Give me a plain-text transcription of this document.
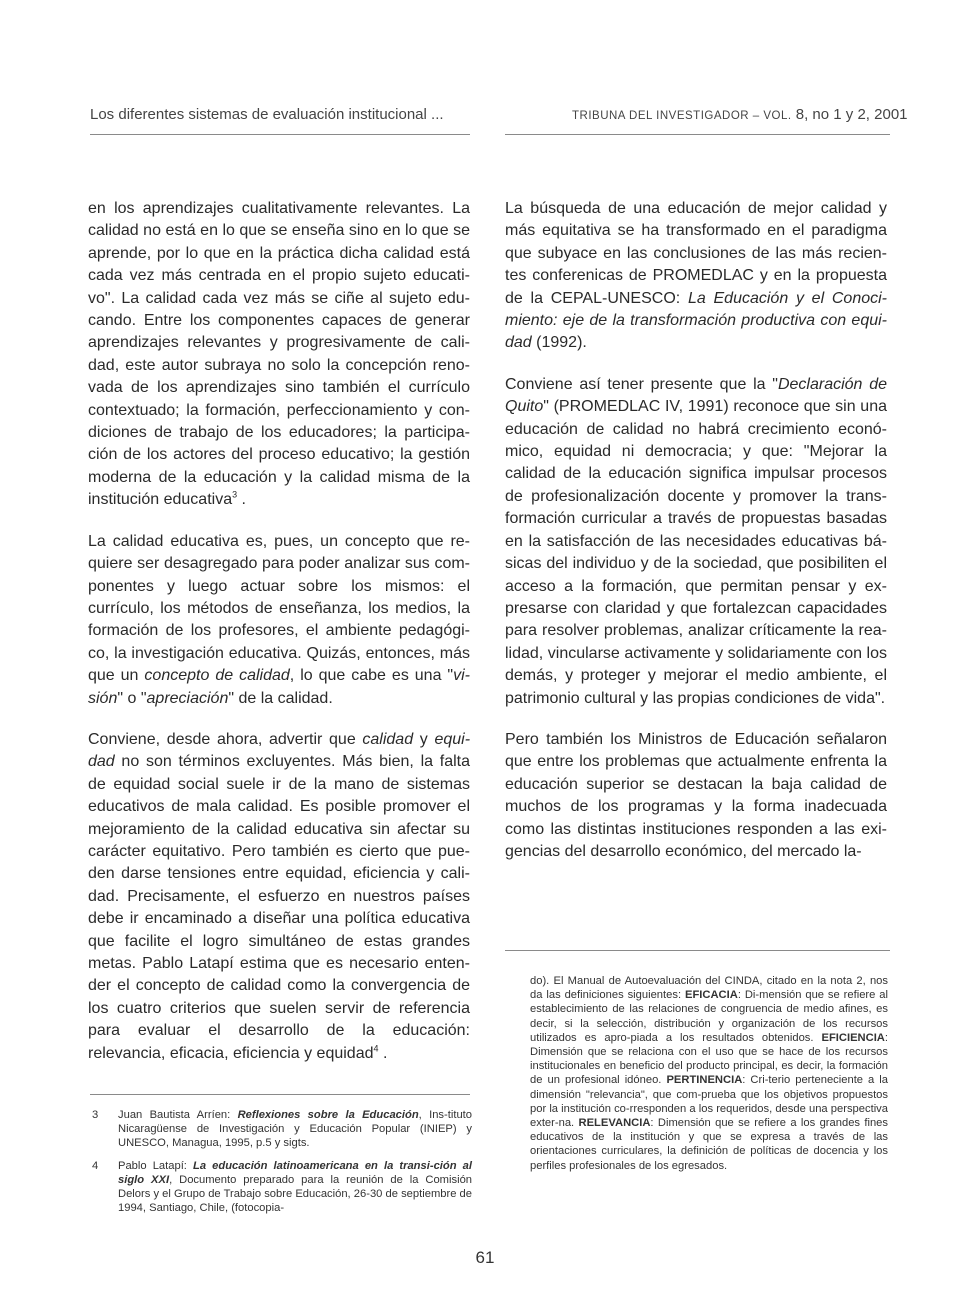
Los diferentes sistemas de evaluación institucional ...	TRIBUNA DEL INVESTIGADOR – VOL. 8, no 1 y 2, 2001

en los aprendizajes cualitativamente relevantes. La calidad no está en lo que se enseña sino en lo que se aprende, por lo que en la práctica dicha calidad está cada vez más centrada en el propio sujeto educati-vo". La calidad cada vez más se ciñe al sujeto edu-cando. Entre los componentes capaces de generar aprendizajes relevantes y progresivamente de cali-dad, este autor subraya no solo la concepción reno-vada de los aprendizajes sino también el currículo contextuado; la formación, perfeccionamiento y con-diciones de trabajo de los educadores; la participa-ción de los actores del proceso educativo; la gestión moderna de la educación y la calidad misma de la institución educativa$^3$ .

La calidad educativa es, pues, un concepto que re-quiere ser desagregado para poder analizar sus com-ponentes y luego actuar sobre los mismos: el currículo, los métodos de enseñanza, los medios, la formación de los profesores, el ambiente pedagógi-co, la investigación educativa. Quizás, entonces, más que un concepto de calidad, lo que cabe es una "vi-sión" o "apreciación" de la calidad.

Conviene, desde ahora, advertir que calidad y equi-dad no son términos excluyentes. Más bien, la falta de equidad social suele ir de la mano de sistemas educativos de mala calidad. Es posible promover el mejoramiento de la calidad educativa sin afectar su carácter equitativo. Pero también es cierto que pue-den darse tensiones entre equidad, eficiencia y cali-dad. Precisamente, el esfuerzo en nuestros países debe ir encaminado a diseñar una política educativa que facilite el logro simultáneo de estas grandes metas. Pablo Latapí estima que es necesario enten-der el concepto de calidad como la convergencia de los cuatro criterios que suelen servir de referencia para evaluar el desarrollo de la educación: relevancia, eficacia, eficiencia y equidad$^4$ .

La búsqueda de una educación de mejor calidad y más equitativa se ha transformado en el paradigma que subyace en las conclusiones de las más recien-tes conferenicas de PROMEDLAC y en la propuesta de la CEPAL-UNESCO: La Educación y el Conoci-miento: eje de la transformación productiva con equi-dad (1992).

Conviene así tener presente que la "Declaración de Quito" (PROMEDLAC IV, 1991) reconoce que sin una educación de calidad no habrá crecimiento econó-mico, equidad ni democracia; y que: "Mejorar la calidad de la educación significa impulsar procesos de profesionalización docente y promover la trans-formación curricular a través de propuestas basadas en la satisfacción de las necesidades educativas bá-sicas del individuo y de la sociedad, que posibiliten el acceso a la formación, que permitan pensar y ex-presarse con claridad y que fortalezcan capacidades para resolver problemas, analizar críticamente la rea-lidad, vincularse activamente y solidariamente con los demás, y proteger y mejorar el medio ambiente, el patrimonio cultural y las propias condiciones de vida".

Pero también los Ministros de Educación señalaron que entre los problemas que actualmente enfrenta la educación superior se destacan la baja calidad de muchos de los programas y la forma inadecuada como las distintas instituciones responden a las exi-gencias del desarrollo económico, del mercado la-

3 Juan Bautista Arríen: Reflexiones sobre la Educación, Ins-tituto Nicaragüense de Investigación y Educación Popular (INIEP) y UNESCO, Managua, 1995, p.5 y sigts.
4 Pablo Latapí: La educación latinoamericana en la transi-ción al siglo XXI, Documento preparado para la reunión de la Comisión Delors y el Grupo de Trabajo sobre Educación, 26-30 de septiembre de 1994, Santiago, Chile, (fotocopia-
do). El Manual de Autoevaluación del CINDA, citado en la nota 2, nos da las definiciones siguientes: EFICACIA: Di-mensión que se refiere al establecimiento de las relaciones de congruencia de medio afines, es decir, si la selección, distribución y organización de los recursos utilizados es apro-piada a los resultados obtenidos. EFICIENCIA: Dimensión que se relaciona con el uso que se hace de los recursos institucionales en beneficio del producto principal, es decir, la formación de un profesional idóneo. PERTINENCIA: Cri-terio perteneciente a la dimensión "relevancia", que com-prueba que los objetivos propuestos por la institución co-rresponden a los requeridos, desde una perspectiva exter-na. RELEVANCIA: Dimensión que se refiere a los grandes fines educativos de la institución y que se expresa a través de las orientaciones curriculares, la definición de políticas de docencia y los perfiles profesionales de los egresados.
61
